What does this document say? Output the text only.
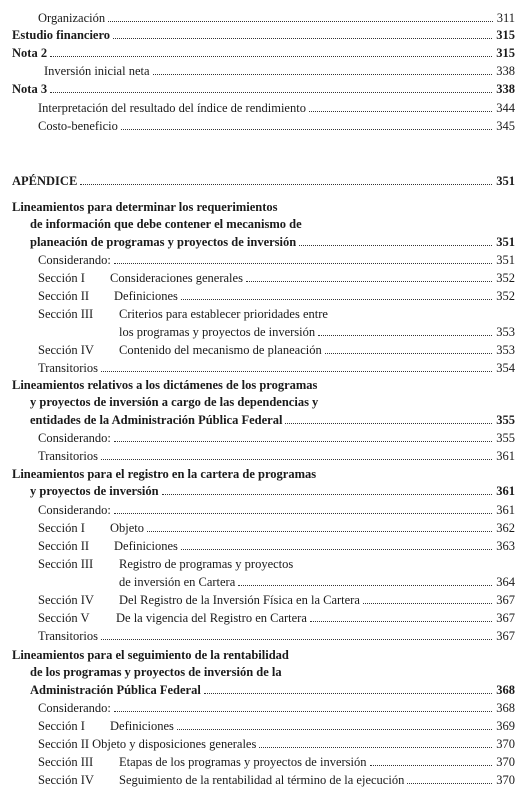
Organización	311
Estudio financiero	315
Nota 2	315
Inversión inicial neta	338
Nota 3	338
Interpretación del resultado del índice de rendimiento	344
Costo-beneficio	345
APÉNDICE	351
Lineamientos para determinar los requerimientos
de información que debe contener el mecanismo de
planeación de programas y proyectos de inversión	351
Considerando:	351
Sección I Consideraciones generales	352
Sección II Definiciones	352
Sección III Criterios para establecer prioridades entre
los programas y proyectos de inversión	353
Sección IV Contenido del mecanismo de planeación	353
Transitorios	354
Lineamientos relativos a los dictámenes de los programas
y proyectos de inversión a cargo de las dependencias y
entidades de la Administración Pública Federal	355
Considerando:	355
Transitorios	361
Lineamientos para el registro en la cartera de programas
y proyectos de inversión	361
Considerando:	361
Sección I Objeto	362
Sección II Definiciones	363
Sección III Registro de programas y proyectos
de inversión en Cartera	364
Sección IV Del Registro de la Inversión Física en la Cartera	367
Sección V De la vigencia del Registro en Cartera	367
Transitorios	367
Lineamientos para el seguimiento de la rentabilidad
de los programas y proyectos de inversión de la
Administración Pública Federal	368
Considerando:	368
Sección I Definiciones	369
Sección II Objeto y disposiciones generales	370
Sección III Etapas de los programas y proyectos de inversión	370
Sección IV Seguimiento de la rentabilidad al término de la ejecución	370
